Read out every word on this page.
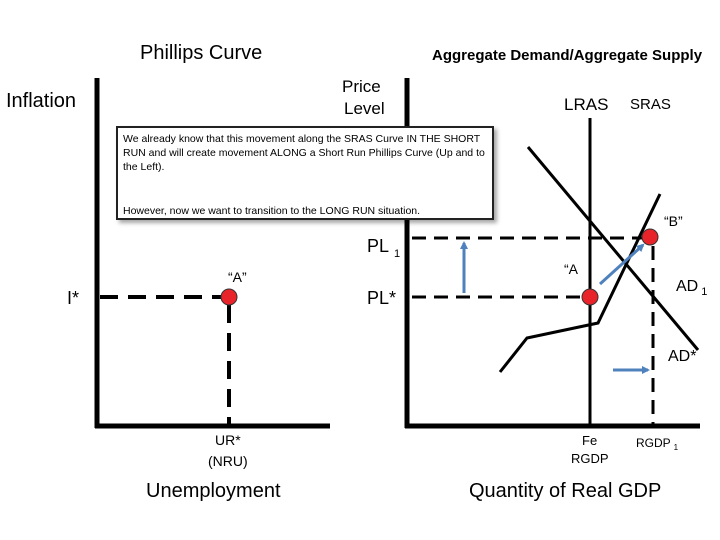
Phillips Curve	Aggregate Demand/Aggregate Supply
Inflation
I*
“A”
UR*
(NRU)
Unemployment
Price
Level	LRAS SRAS
PL $_1$
PL*
“B”
“A
AD $_1$
AD*
Fe
RGDP
RGDP $_1$
Quantity of Real GDP

We already know that this movement along the SRAS Curve IN THE SHORT RUN and will create movement ALONG a Short Run Phillips Curve (Up and to the Left).

However, now we want to transition to the LONG RUN situation.
